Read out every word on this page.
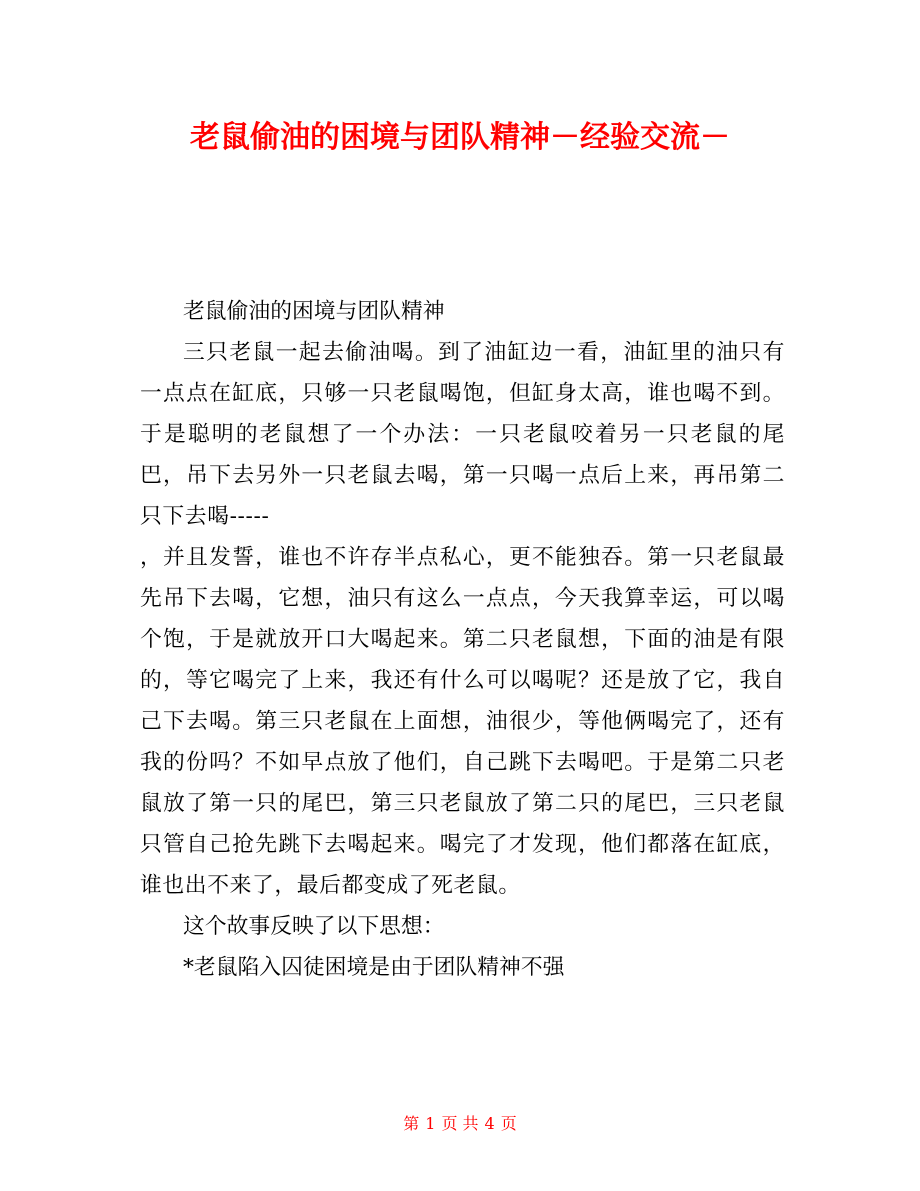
老鼠偷油的困境与团队精神－经验交流－

老鼠偷油的困境与团队精神

三只老鼠一起去偷油喝。到了油缸边一看，油缸里的油只有一点点在缸底，只够一只老鼠喝饱，但缸身太高，谁也喝不到。于是聪明的老鼠想了一个办法：一只老鼠咬着另一只老鼠的尾巴，吊下去另外一只老鼠去喝，第一只喝一点后上来，再吊第二只下去喝-----

，并且发誓，谁也不许存半点私心，更不能独吞。第一只老鼠最先吊下去喝，它想，油只有这么一点点，今天我算幸运，可以喝个饱，于是就放开口大喝起来。第二只老鼠想，下面的油是有限的，等它喝完了上来，我还有什么可以喝呢？还是放了它，我自己下去喝。第三只老鼠在上面想，油很少，等他俩喝完了，还有我的份吗？不如早点放了他们，自己跳下去喝吧。于是第二只老鼠放了第一只的尾巴，第三只老鼠放了第二只的尾巴，三只老鼠只管自己抢先跳下去喝起来。喝完了才发现，他们都落在缸底，谁也出不来了，最后都变成了死老鼠。

这个故事反映了以下思想：

*老鼠陷入囚徒困境是由于团队精神不强

第 1 页 共 4 页
